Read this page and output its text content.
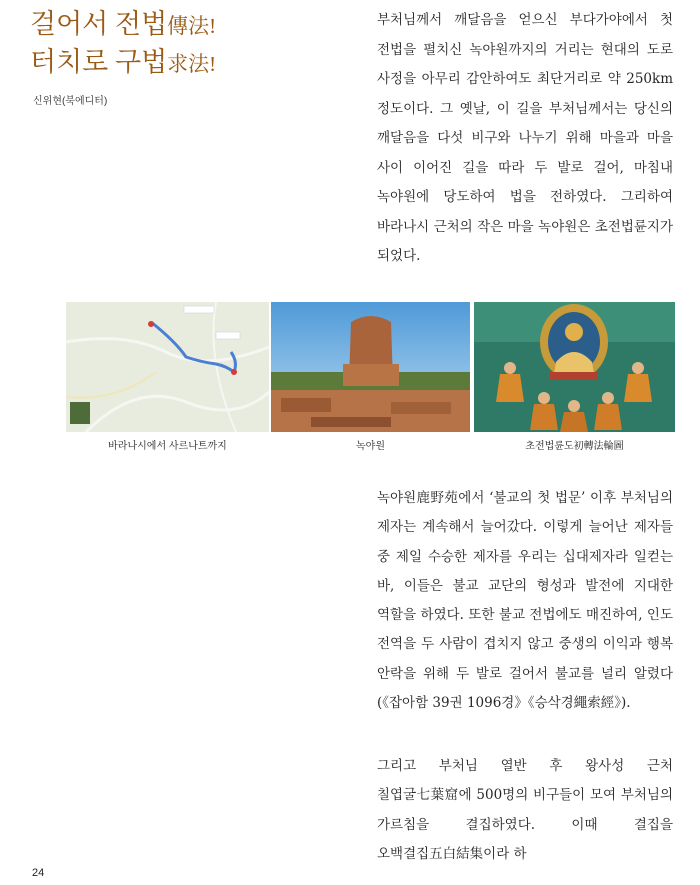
걸어서 전법傳法!
터치로 구법求法!
신위현(북에디터)

부처님께서 깨달음을 얻으신 부다가야에서 첫 전법을 펼치신 녹야원까지의 거리는 현대의 도로 사정을 아무리 감안하여도 최단거리로 약 250km 정도이다. 그 옛날, 이 길을 부처님께서는 당신의 깨달음을 다섯 비구와 나누기 위해 마을과 마을 사이 이어진 길을 따라 두 발로 걸어, 마침내 녹야원에 당도하여 법을 전하였다. 그리하여 바라나시 근처의 작은 마을 녹야원은 초전법륜지가 되었다.

바라나시에서 사르나트까지	녹야원	초전법륜도初轉法輪圖

녹야원鹿野苑에서 ‘불교의 첫 법문’ 이후 부처님의 제자는 계속해서 늘어갔다. 이렇게 늘어난 제자들 중 제일 수승한 제자를 우리는 십대제자라 일컫는 바, 이들은 불교 교단의 형성과 발전에 지대한 역할을 하였다. 또한 불교 전법에도 매진하여, 인도 전역을 두 사람이 겹치지 않고 중생의 이익과 행복 안락을 위해 두 발로 걸어서 불교를 널리 알렸다(《잡아함 39권 1096경》《승삭경繩索經》).

그리고 부처님 열반 후 왕사성 근처 칠엽굴七葉窟에 500명의 비구들이 모여 부처님의 가르침을 결집하였다. 이때 결집을 오백결집五白結集이라 하

24
